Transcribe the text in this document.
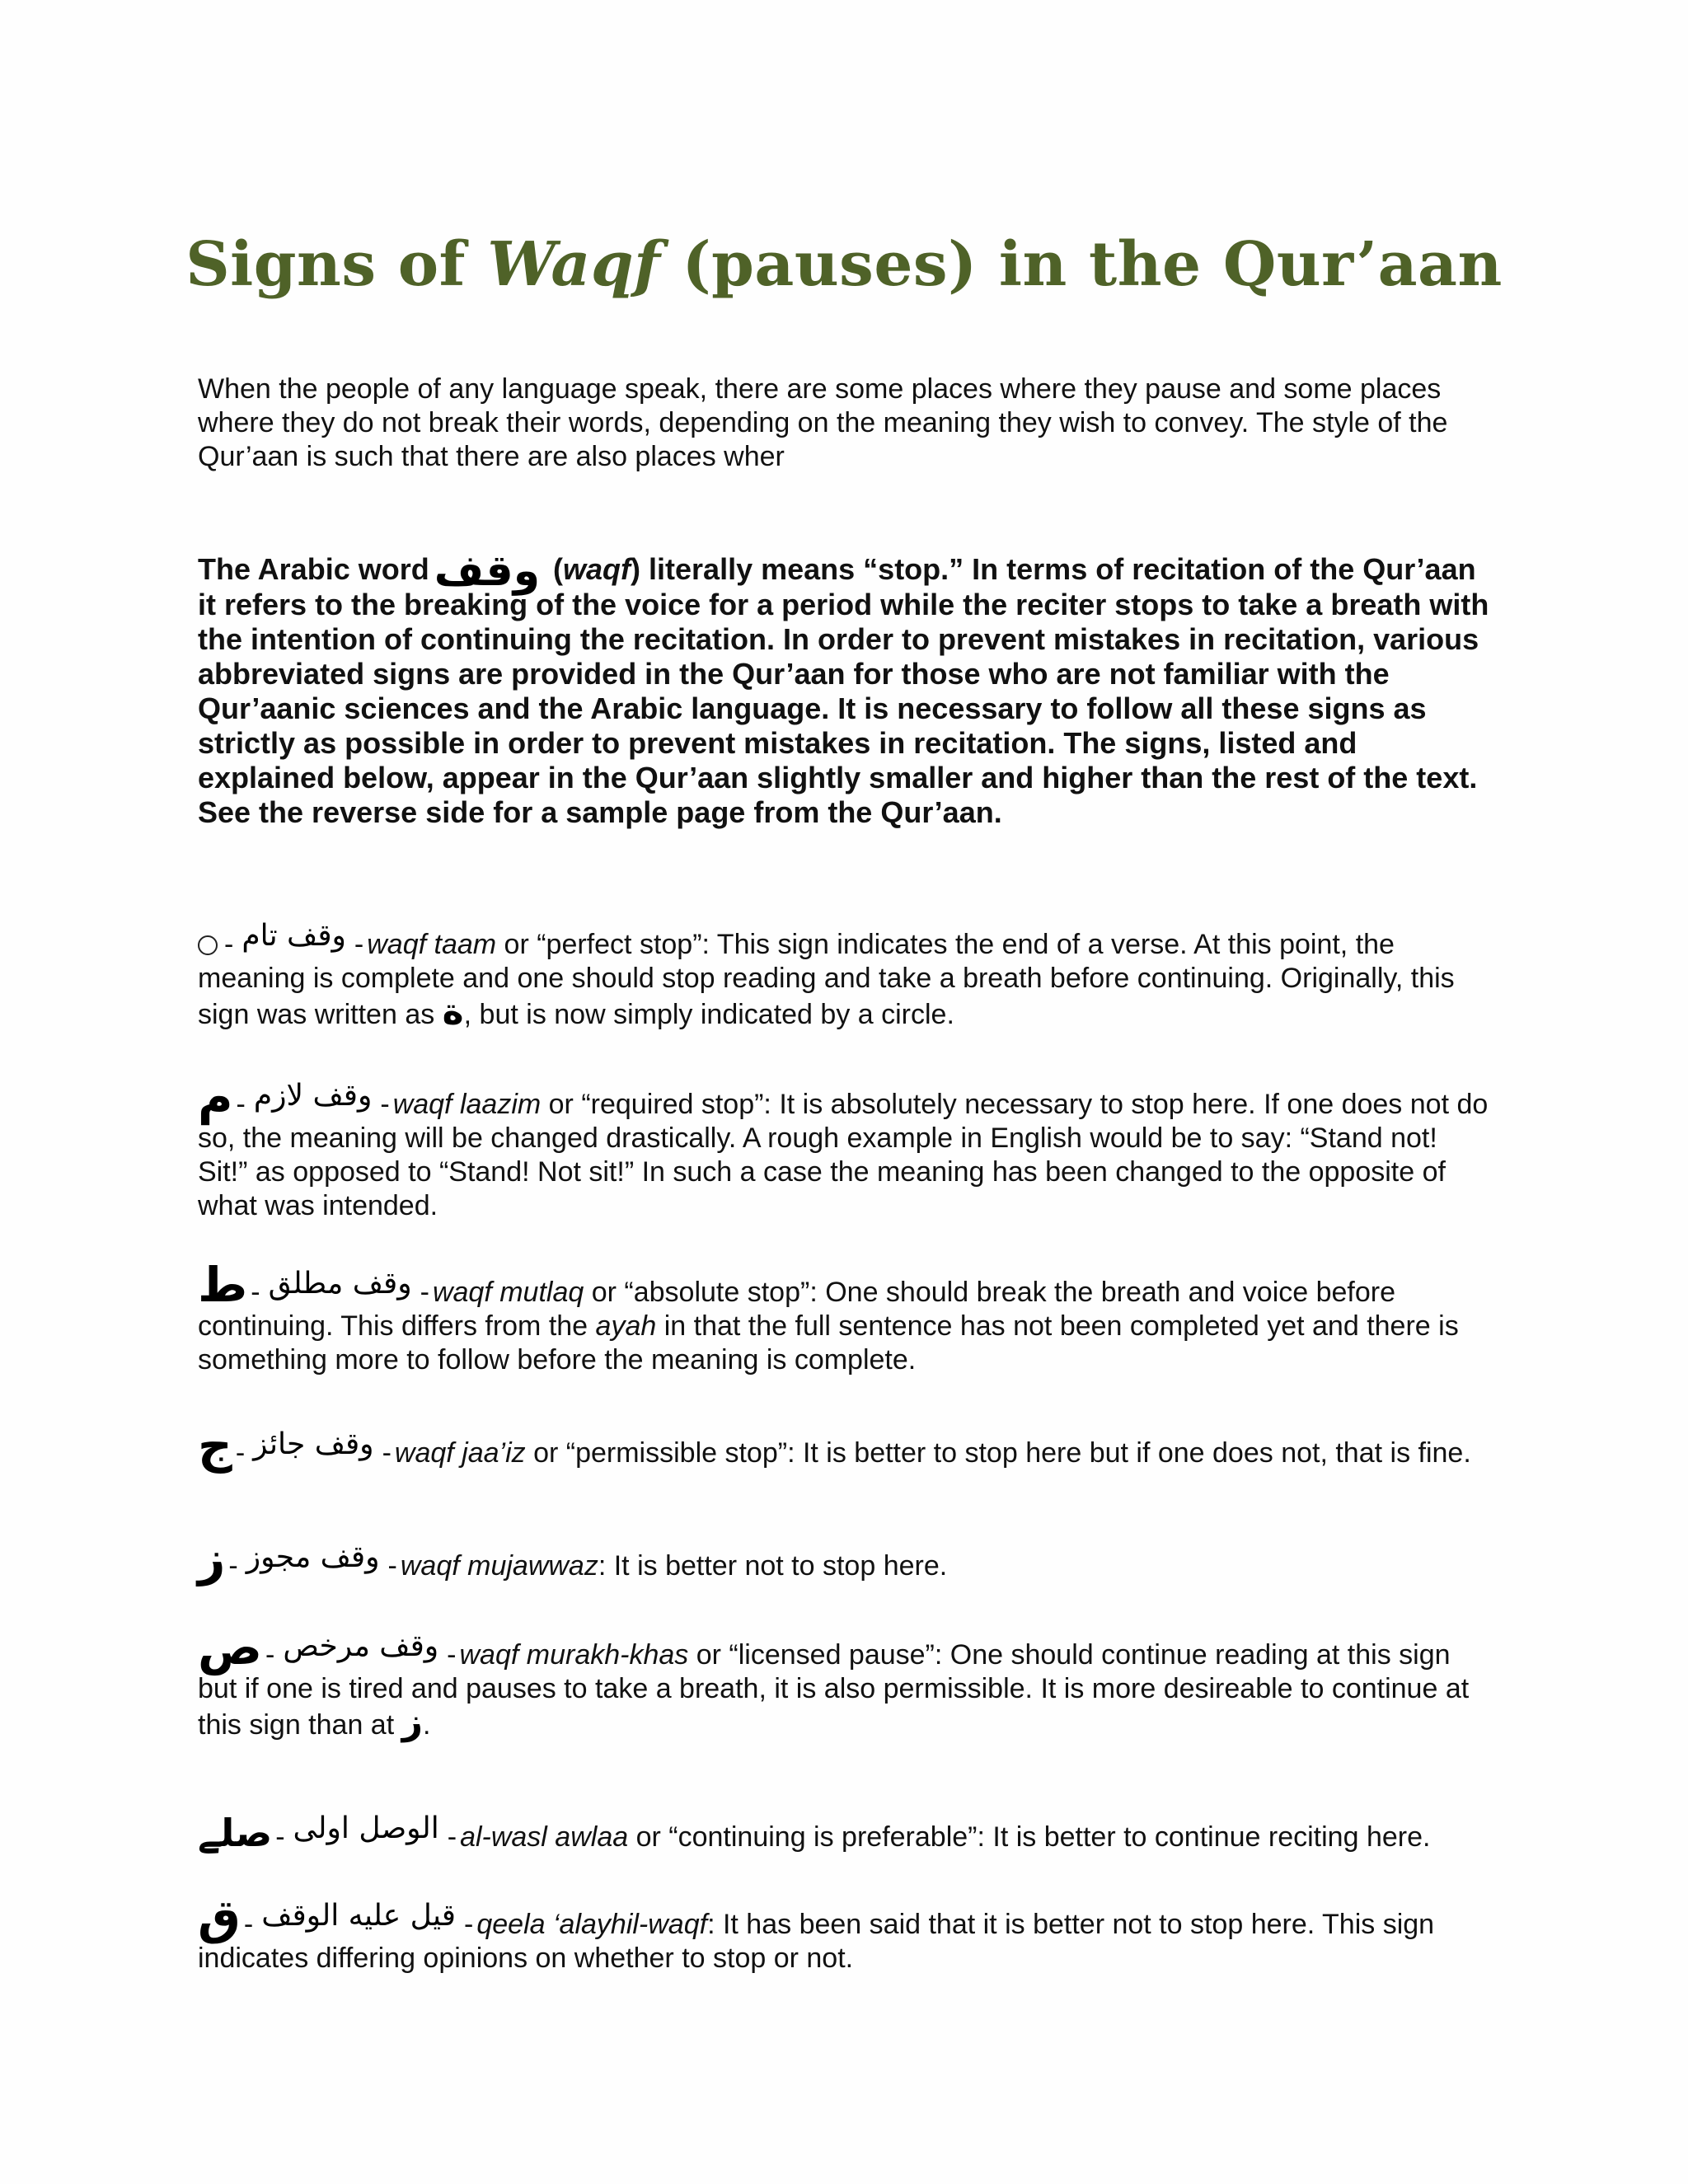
Signs of Waqf (pauses) in the Qur’aan

When the people of any language speak, there are some places where they pause and some places where they do not break their words, depending on the meaning they wish to convey. The style of the Qur’aan is such that there are also places wher

The Arabic word وقف (waqf) literally means “stop.” In terms of recitation of the Qur’aan it refers to the breaking of the voice for a period while the reciter stops to take a breath with the intention of continuing the recitation. In order to prevent mistakes in recitation, various abbreviated signs are provided in the Qur’aan for those who are not familiar with the Qur’aanic sciences and the Arabic language. It is necessary to follow all these signs as strictly as possible in order to prevent mistakes in recitation. The signs, listed and explained below, appear in the Qur’aan slightly smaller and higher than the rest of the text. See the reverse side for a sample page from the Qur’aan.

- وقف تام - waqf taam or “perfect stop”: This sign indicates the end of a verse. At this point, the meaning is complete and one should stop reading and take a breath before continuing. Originally, this sign was written as ة, but is now simply indicated by a circle.

م - وقف لازم - waqf laazim or “required stop”: It is absolutely necessary to stop here. If one does not do so, the meaning will be changed drastically. A rough example in English would be to say: “Stand not! Sit!” as opposed to “Stand! Not sit!” In such a case the meaning has been changed to the opposite of what was intended.

ط - وقف مطلق - waqf mutlaq or “absolute stop”: One should break the breath and voice before continuing. This differs from the ayah in that the full sentence has not been completed yet and there is something more to follow before the meaning is complete.

ج - وقف جائز - waqf jaa’iz or “permissible stop”: It is better to stop here but if one does not, that is fine.

ز - وقف مجوز - waqf mujawwaz: It is better not to stop here.

ص - وقف مرخص - waqf murakh-khas or “licensed pause”: One should continue reading at this sign but if one is tired and pauses to take a breath, it is also permissible. It is more desireable to continue at this sign than at ز.

صلے - الوصل اولى - al-wasl awlaa or “continuing is preferable”: It is better to continue reciting here.

ق - قيل عليه الوقف - qeela ‘alayhil-waqf: It has been said that it is better not to stop here. This sign indicates differing opinions on whether to stop or not.
